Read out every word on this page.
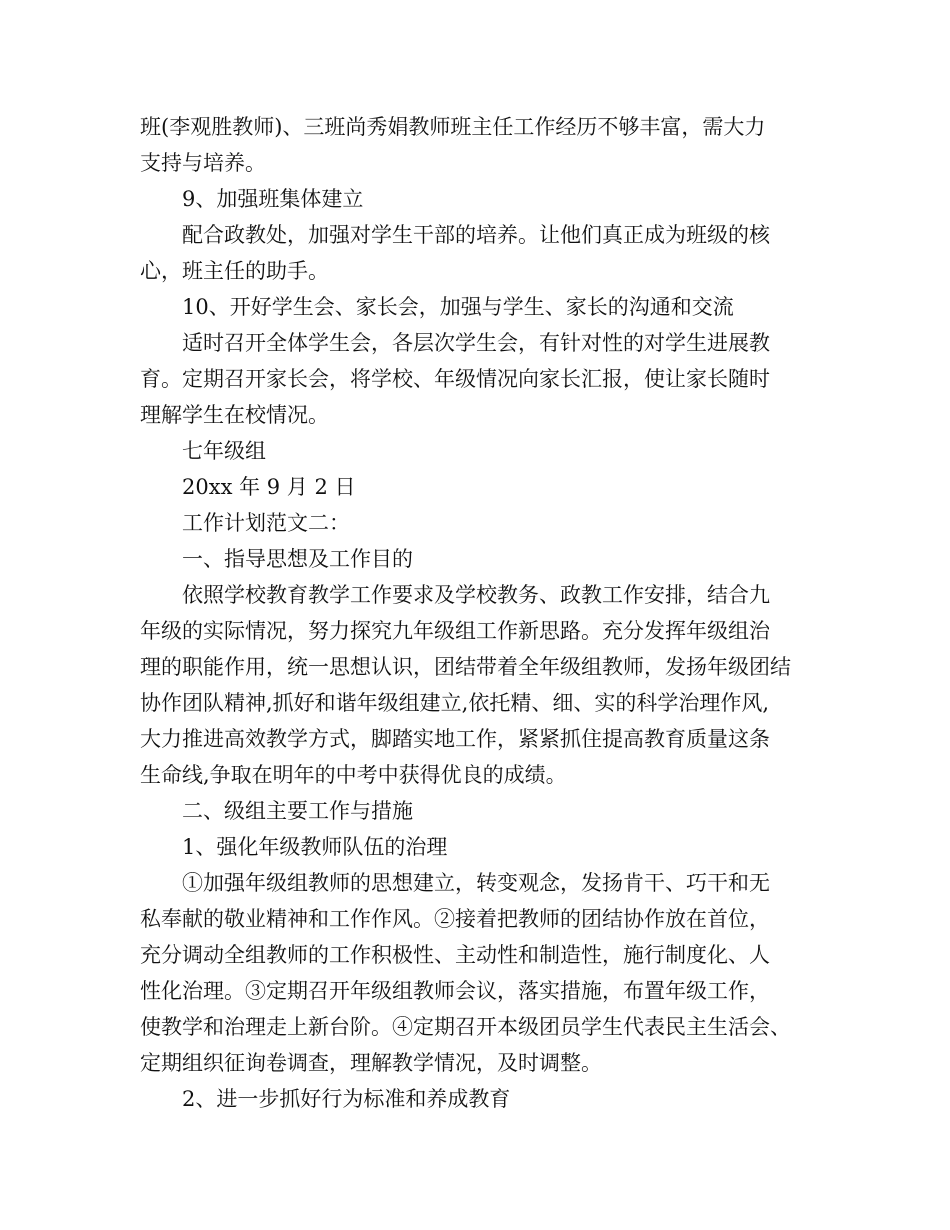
班(李观胜教师)、三班尚秀娟教师班主任工作经历不够丰富，需大力
支持与培养。
9、加强班集体建立
配合政教处，加强对学生干部的培养。让他们真正成为班级的核
心，班主任的助手。
10、开好学生会、家长会，加强与学生、家长的沟通和交流
适时召开全体学生会，各层次学生会，有针对性的对学生进展教
育。定期召开家长会，将学校、年级情况向家长汇报，使让家长随时
理解学生在校情况。
七年级组
20xx 年 9 月 2 日
工作计划范文二：
一、指导思想及工作目的
依照学校教育教学工作要求及学校教务、政教工作安排，结合九
年级的实际情况，努力探究九年级组工作新思路。充分发挥年级组治
理的职能作用，统一思想认识，团结带着全年级组教师，发扬年级团结
协作团队精神,抓好和谐年级组建立,依托精、细、实的科学治理作风,
大力推进高效教学方式，脚踏实地工作，紧紧抓住提高教育质量这条
生命线,争取在明年的中考中获得优良的成绩。
二、级组主要工作与措施
1、强化年级教师队伍的治理
①加强年级组教师的思想建立，转变观念，发扬肯干、巧干和无
私奉献的敬业精神和工作作风。②接着把教师的团结协作放在首位，
充分调动全组教师的工作积极性、主动性和制造性，施行制度化、人
性化治理。③定期召开年级组教师会议，落实措施，布置年级工作，
使教学和治理走上新台阶。④定期召开本级团员学生代表民主生活会、
定期组织征询卷调查，理解教学情况，及时调整。
2、进一步抓好行为标准和养成教育
